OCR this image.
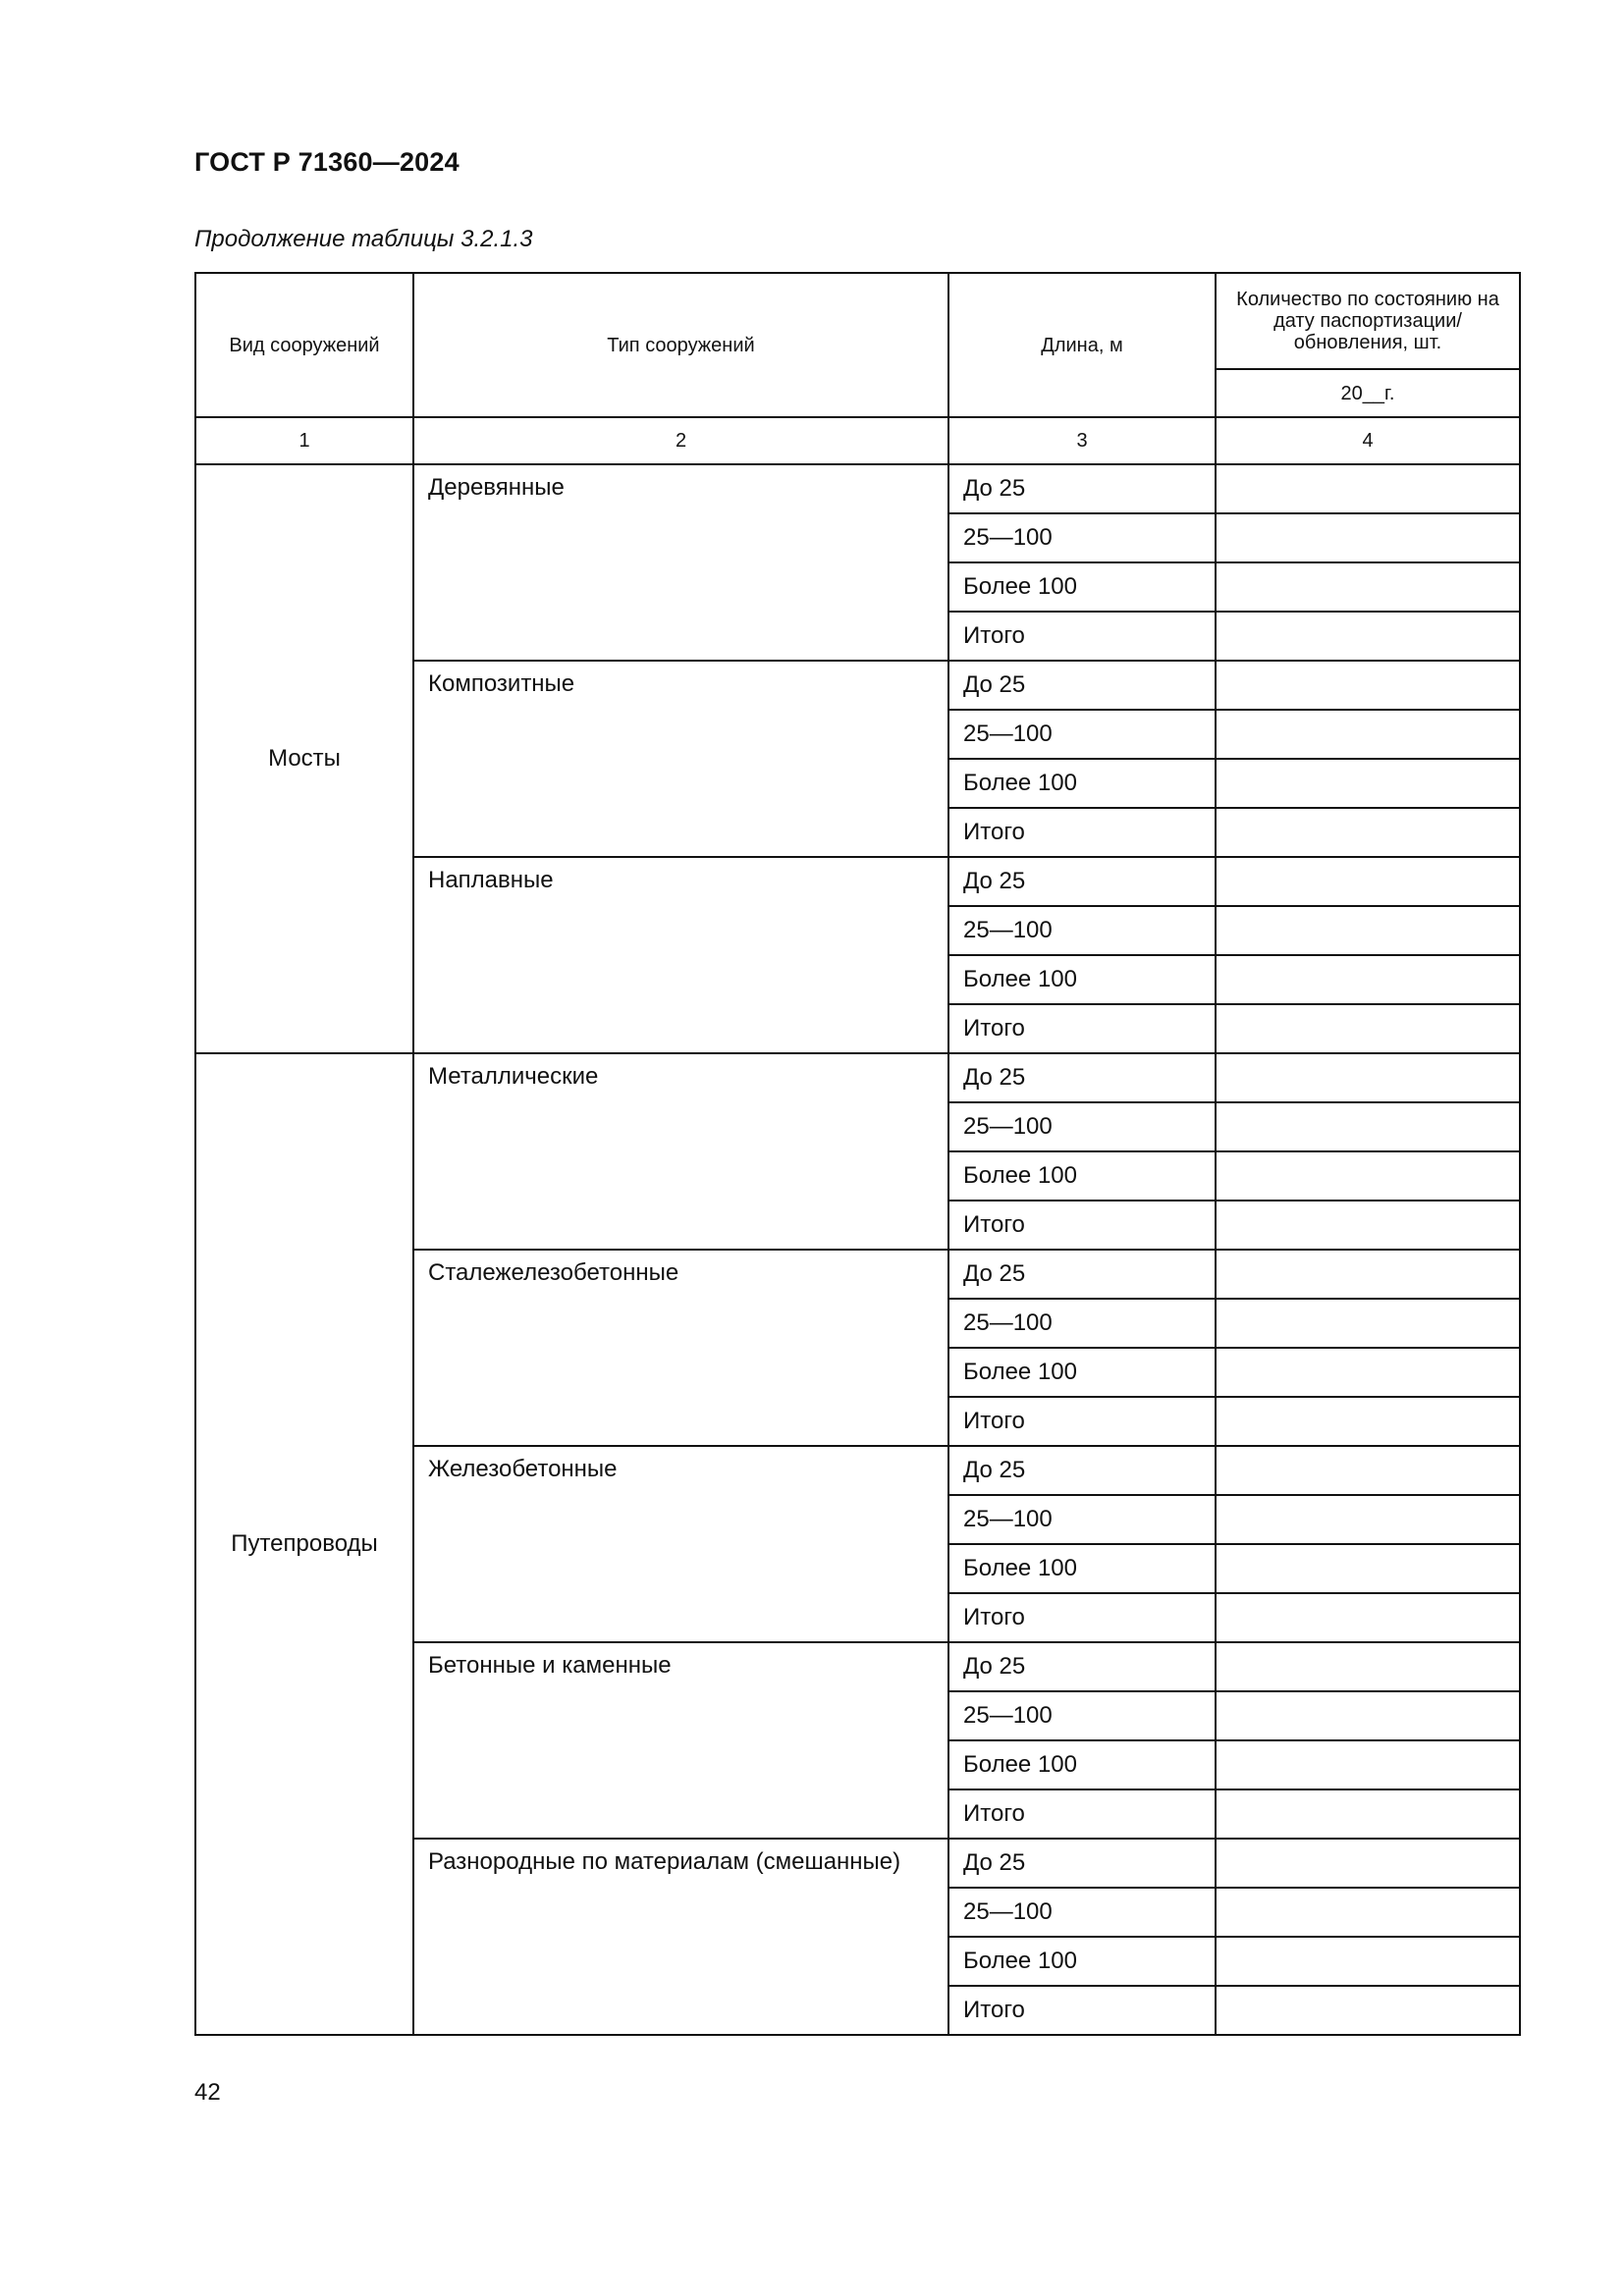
ГОСТ Р 71360—2024
Продолжение таблицы 3.2.1.3
Вид сооружений	Тип сооружений	Длина, м	Количество по состоянию на дату паспортизации/ обновления, шт.

			20__г.
1	2	3	4
Мосты	Деревянные	До 25	
		25—100	
		Более 100	
		Итого	
	Композитные	До 25	
		25—100	
		Более 100	
		Итого	
	Наплавные	До 25	
		25—100	
		Более 100	
		Итого	
Путепроводы	Металлические	До 25	
		25—100	
		Более 100	
		Итого	
	Сталежелезобетонные	До 25	
		25—100	
		Более 100	
		Итого	
	Железобетонные	До 25	
		25—100	
		Более 100	
		Итого	
	Бетонные и каменные	До 25	
		25—100	
		Более 100	
		Итого	
	Разнородные по материалам (смешанные)	До 25	
		25—100	
		Более 100	
		Итого	
42
